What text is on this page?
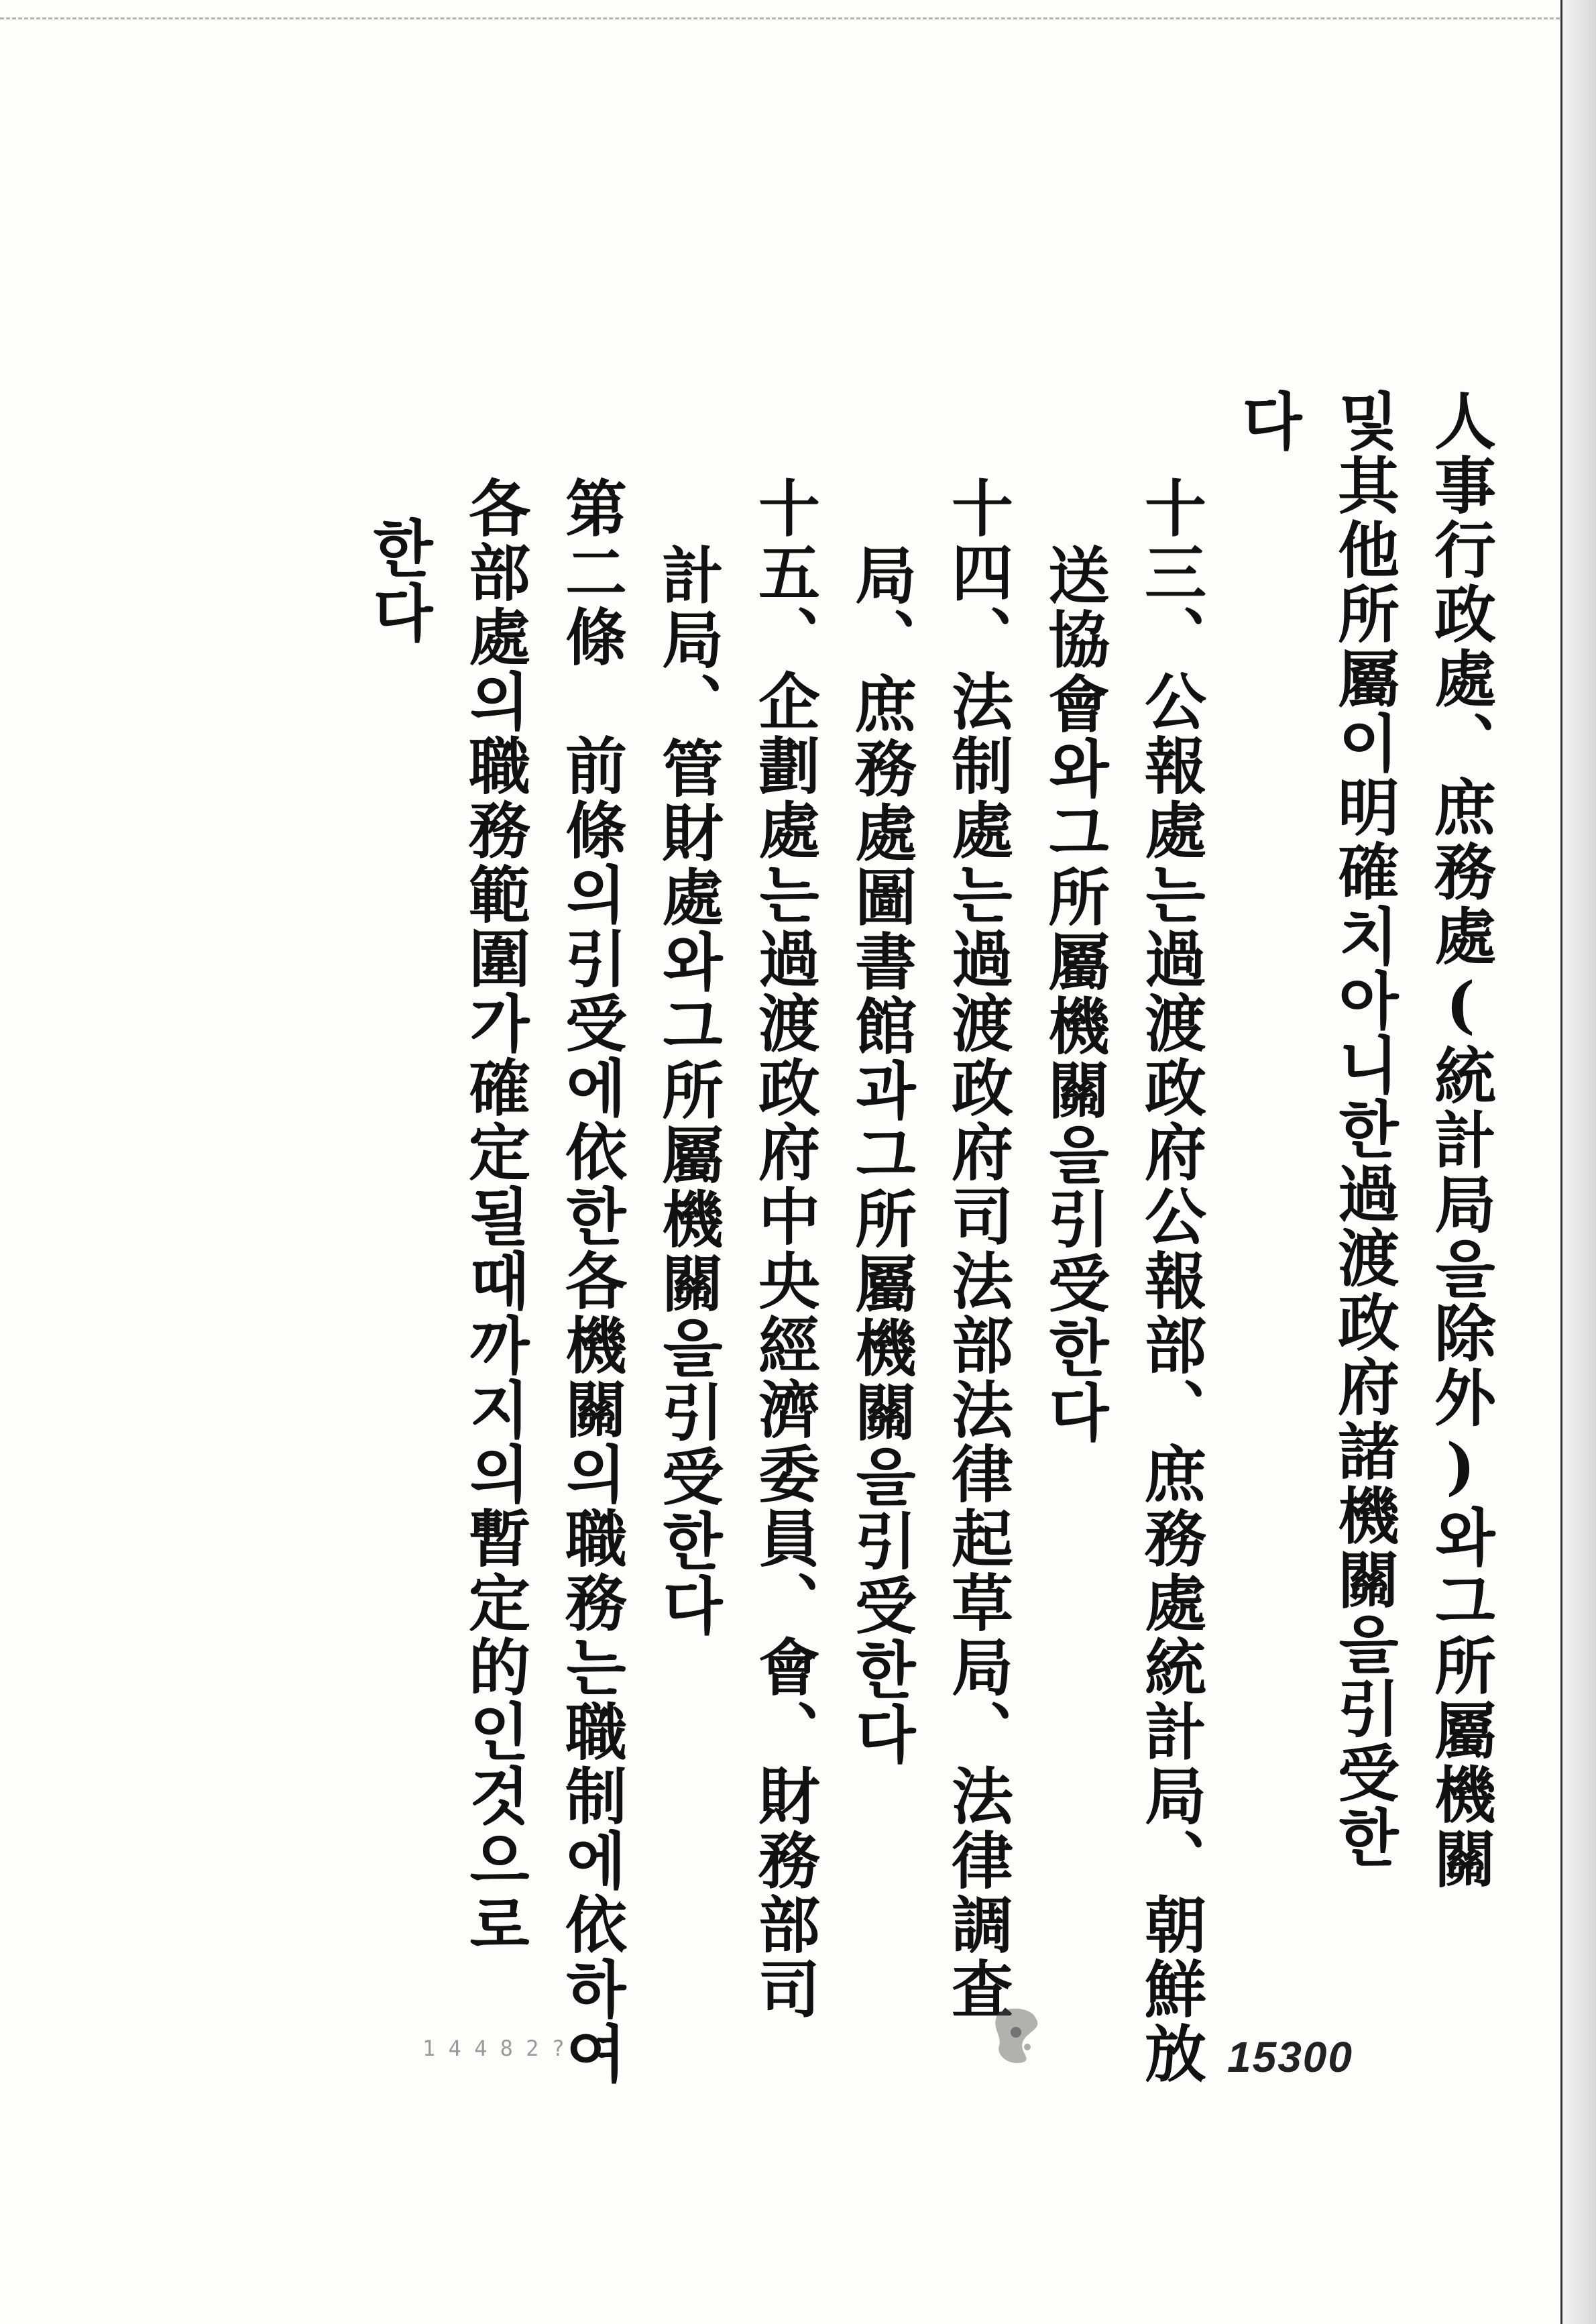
人事行政處、庶務處(統計局을除外)와그所屬機關
및其他所屬이明確치아니한過渡政府諸機關을引受한
다
十三、公報處는過渡政府公報部、庶務處統計局、朝鮮放
送協會와그所屬機關을引受한다
十四、法制處는過渡政府司法部法律起草局、法律調査
局、庶務處圖書館과그所屬機關을引受한다
十五、企劃處는過渡政府中央經濟委員、會、財務部司
計局、管財處와그所屬機關을引受한다
第二條　前條의引受에依한各機關의職務는職制에依하여
各部處의職務範圍가確定될때까지의暫定的인것으로
한다
1 4 4 8 2 ?	15300
